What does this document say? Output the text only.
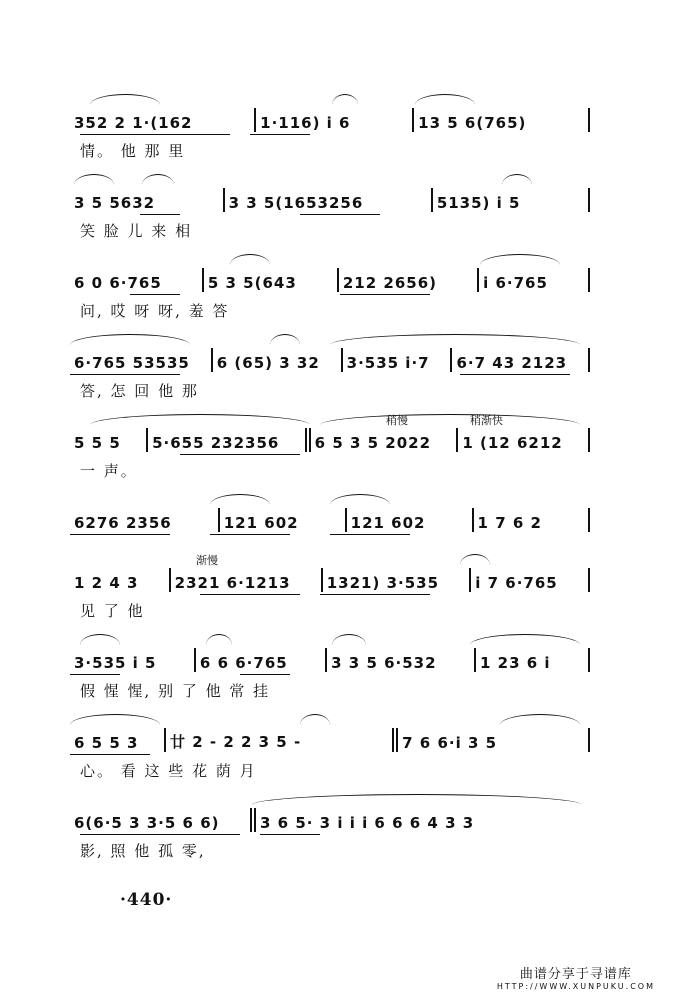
352 2 1·(162	1·116) i 6	13 5 6(765)
情。 他 那 里
3 5 5632	3 3 5(1653256	5135) i 5
笑 脸 儿 来 相
6 0 6·765	5 3 5(643	212 2656)	i 6·765
问, 哎 呀 呀, 羞 答
6·765 53535	6 (65) 3 32	3·535 i·7	6·7 43 2123
答, 怎 回 他 那
稍慢	稍渐快
5 5 5	5·655 232356	6 5 3 5 2022	1 (12 6212
一 声。
6276 2356	121 602	121 602	1 7 6 2
渐慢
1 2 4 3	2321 6·1213	1321) 3·535	i 7 6·765
见 了 他
3·535 i 5	6 6 6·765	3 3 5 6·532	1 23 6 i
假 惺 惺, 别 了 他 常 挂
6 5 5 3	廿 2 - 2 2 3 5 -	7 6 6·i 3 5
心。 看 这 些 花 荫 月
6(6·5 3 3·5 6 6)	3 6 5· 3 i i i 6 6 6 4 3 3
影, 照 他 孤 零,
·440·
曲谱分享于寻谱库
HTTP://WWW.XUNPUKU.COM
